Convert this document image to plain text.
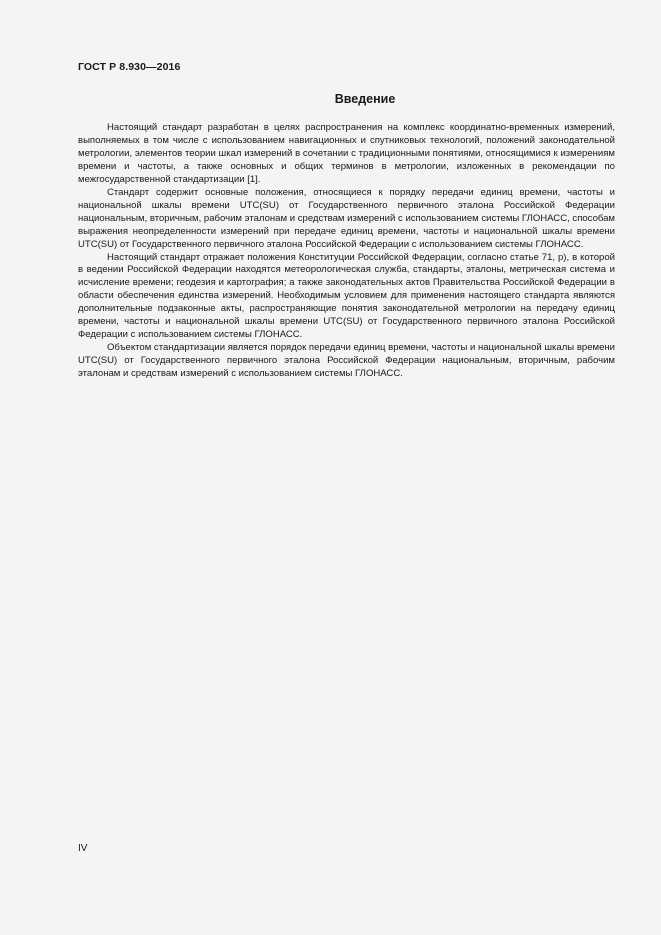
ГОСТ Р 8.930—2016
Введение

Настоящий стандарт разработан в целях распространения на комплекс координатно-временных измерений, выполняемых в том числе с использованием навигационных и спутниковых технологий, положений законодательной метрологии, элементов теории шкал измерений в сочетании с традиционными понятиями, относящимися к измерениям времени и частоты, а также основных и общих терминов в метрологии, изложенных в рекомендации по межгосударственной стандартизации [1].

Стандарт содержит основные положения, относящиеся к порядку передачи единиц времени, частоты и национальной шкалы времени UTC(SU) от Государственного первичного эталона Российской Федерации национальным, вторичным, рабочим эталонам и средствам измерений с использованием системы ГЛОНАСС, способам выражения неопределенности измерений при передаче единиц времени, частоты и национальной шкалы времени UTC(SU) от Государственного первичного эталона Российской Федерации с использованием системы ГЛОНАСС.

Настоящий стандарт отражает положения Конституции Российской Федерации, согласно статье 71, р), в которой в ведении Российской Федерации находятся метеорологическая служба, стандарты, эталоны, метрическая система и исчисление времени; геодезия и картография; а также законодательных актов Правительства Российской Федерации в области обеспечения единства измерений. Необходимым условием для применения настоящего стандарта являются дополнительные подзаконные акты, распространяющие понятия законодательной метрологии на передачу единиц времени, частоты и национальной шкалы времени UTC(SU) от Государственного первичного эталона Российской Федерации с использованием системы ГЛОНАСС.

Объектом стандартизации является порядок передачи единиц времени, частоты и национальной шкалы времени UTC(SU) от Государственного первичного эталона Российской Федерации национальным, вторичным, рабочим эталонам и средствам измерений с использованием системы ГЛОНАСС.

IV
